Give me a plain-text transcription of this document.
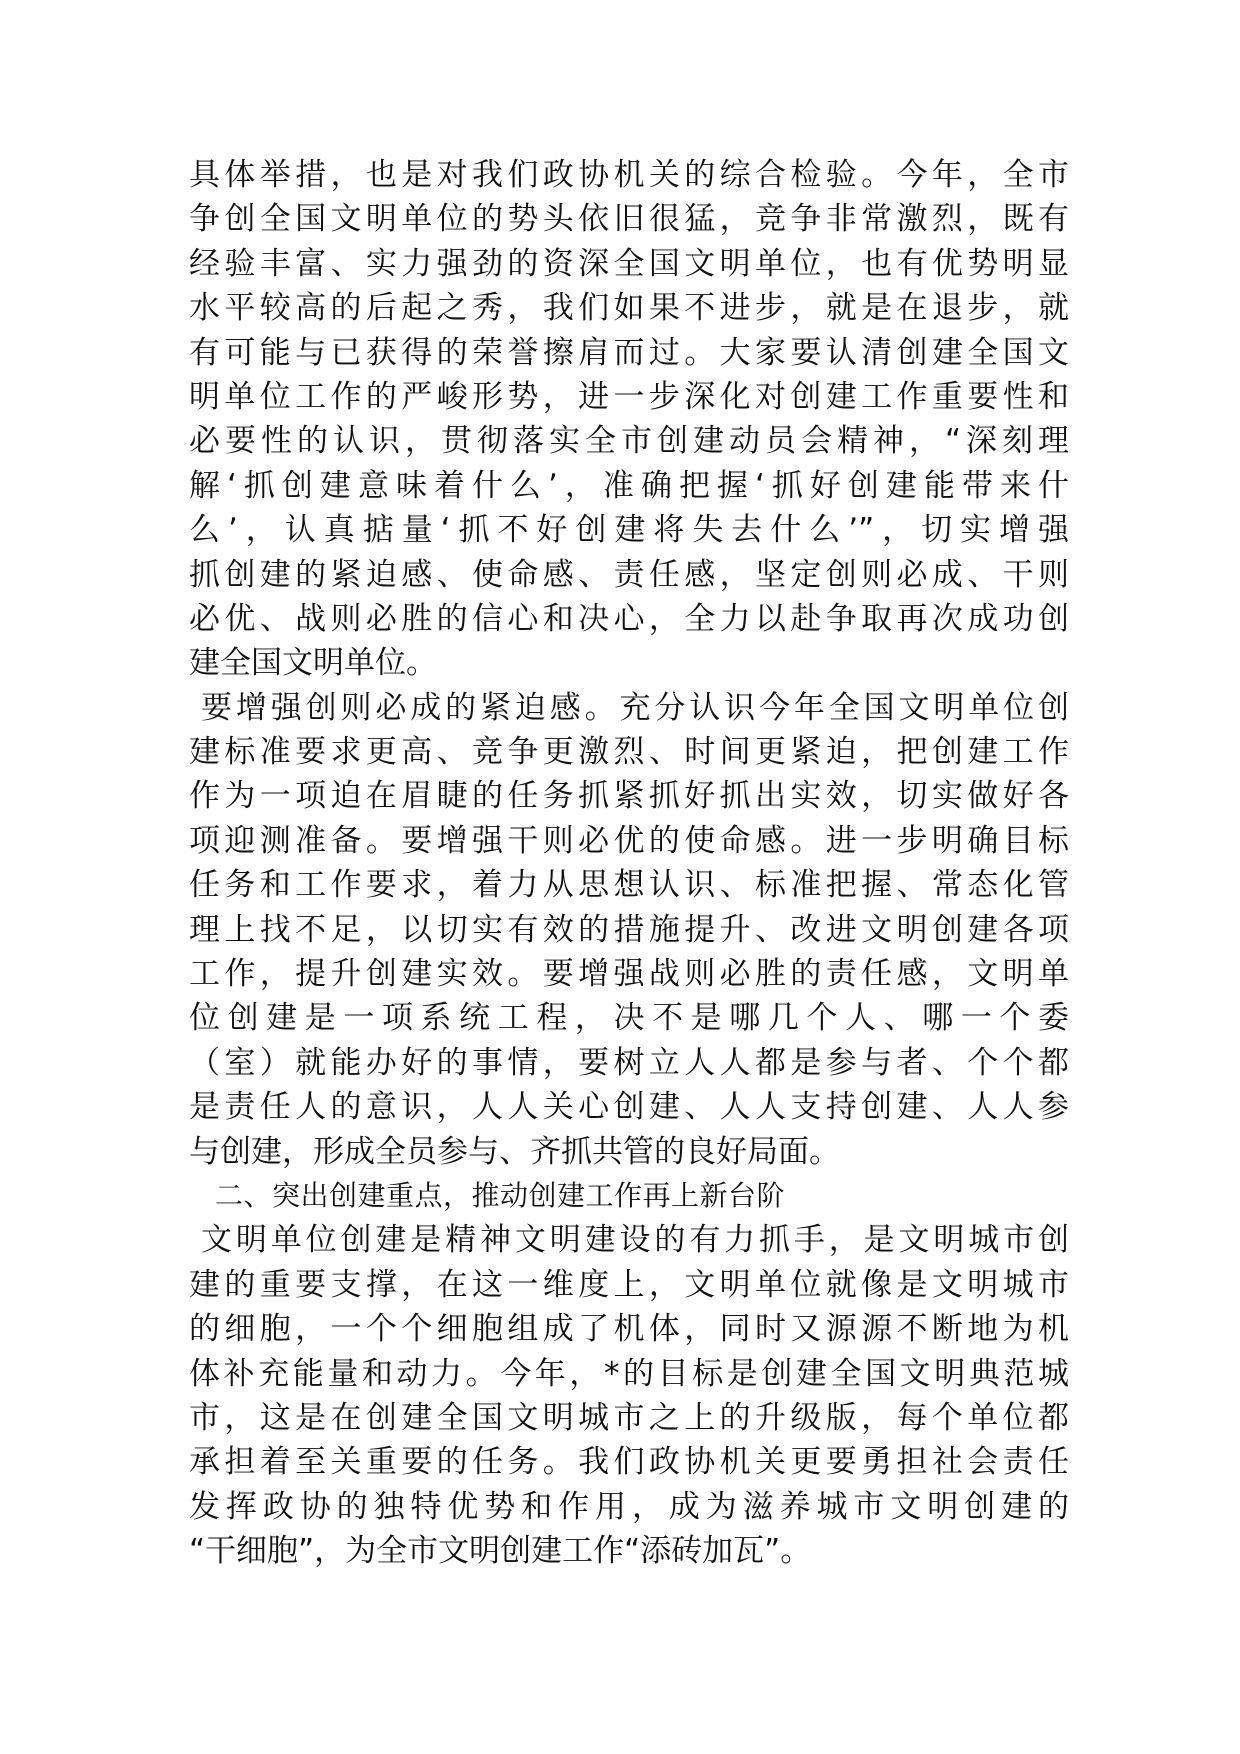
具体举措，也是对我们政协机关的综合检验。今年，全市
争创全国文明单位的势头依旧很猛，竞争非常激烈，既有
经验丰富、实力强劲的资深全国文明单位，也有优势明显
水平较高的后起之秀，我们如果不进步，就是在退步，就
有可能与已获得的荣誉擦肩而过。大家要认清创建全国文
明单位工作的严峻形势，进一步深化对创建工作重要性和
必要性的认识，贯彻落实全市创建动员会精神，“深刻理
解‘抓创建意味着什么’，准确把握‘抓好创建能带来什
么’，认真掂量‘抓不好创建将失去什么’”，切实增强
抓创建的紧迫感、使命感、责任感，坚定创则必成、干则
必优、战则必胜的信心和决心，全力以赴争取再次成功创
建全国文明单位。
要增强创则必成的紧迫感。充分认识今年全国文明单位创
建标准要求更高、竞争更激烈、时间更紧迫，把创建工作
作为一项迫在眉睫的任务抓紧抓好抓出实效，切实做好各
项迎测准备。要增强干则必优的使命感。进一步明确目标
任务和工作要求，着力从思想认识、标准把握、常态化管
理上找不足，以切实有效的措施提升、改进文明创建各项
工作，提升创建实效。要增强战则必胜的责任感，文明单
位创建是一项系统工程，决不是哪几个人、哪一个委
（室）就能办好的事情，要树立人人都是参与者、个个都
是责任人的意识，人人关心创建、人人支持创建、人人参
与创建，形成全员参与、齐抓共管的良好局面。
二、突出创建重点，推动创建工作再上新台阶
文明单位创建是精神文明建设的有力抓手，是文明城市创
建的重要支撑，在这一维度上，文明单位就像是文明城市
的细胞，一个个细胞组成了机体，同时又源源不断地为机
体补充能量和动力。今年，*的目标是创建全国文明典范城
市，这是在创建全国文明城市之上的升级版，每个单位都
承担着至关重要的任务。我们政协机关更要勇担社会责任
发挥政协的独特优势和作用，成为滋养城市文明创建的
“干细胞”，为全市文明创建工作“添砖加瓦”。
